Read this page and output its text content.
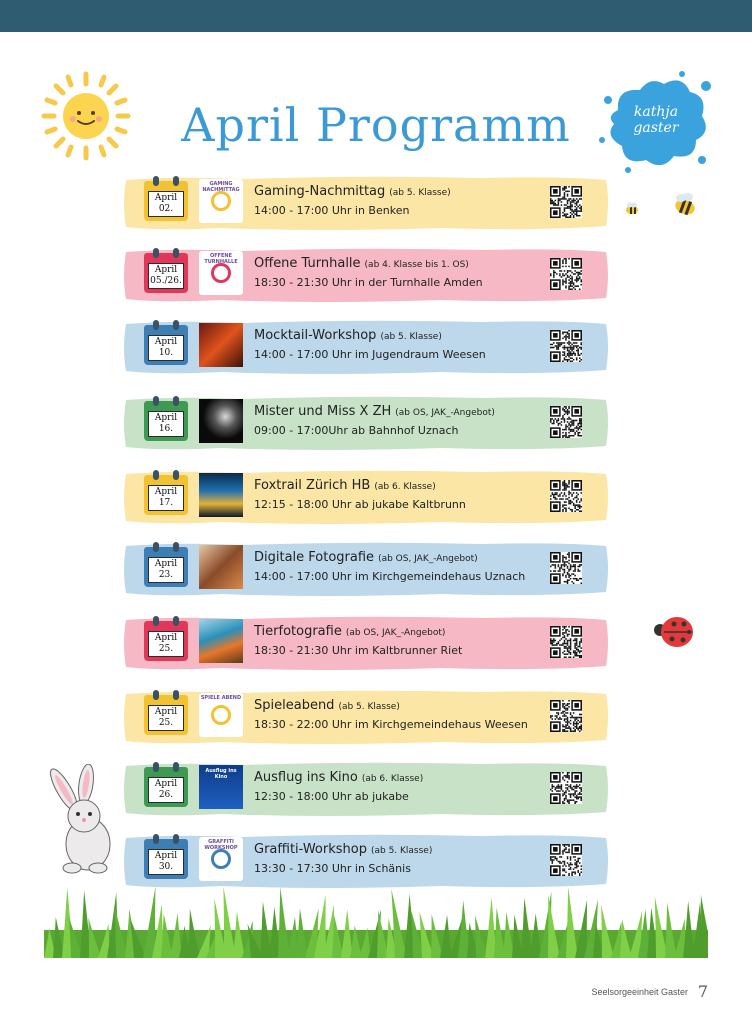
April Programm	kathja gaster
April
02.
GAMING NACHMITTAG Gaming-Nachmittag (ab 5. Klasse)
14:00 - 17:00 Uhr in Benken
April
05./26.
OFFENE TURNHALLE	Offene Turnhalle (ab 4. Klasse bis 1. OS)
18:30 - 21:30 Uhr in der Turnhalle Amden
April
10.
Mocktail-Workshop (ab 5. Klasse)
14:00 - 17:00 Uhr im Jugendraum Weesen
April
16.
Mister und Miss X ZH (ab OS, JAK_-Angebot)
09:00 - 17:00Uhr ab Bahnhof Uznach
April
17.
Foxtrail Zürich HB (ab 6. Klasse)
12:15 - 18:00 Uhr ab jukabe Kaltbrunn
April
23.
Digitale Fotografie (ab OS, JAK_-Angebot)
14:00 - 17:00 Uhr im Kirchgemeindehaus Uznach
April
25.
Tierfotografie (ab OS, JAK_-Angebot)
18:30 - 21:30 Uhr im Kaltbrunner Riet
April
25.
SPIELE ABEND Spieleabend (ab 5. Klasse)
18:30 - 22:00 Uhr im Kirchgemeindehaus Weesen
April
26.
Ausflug ins Kino	Ausflug ins Kino (ab 6. Klasse)
12:30 - 18:00 Uhr ab jukabe
April
30.
GRAFFITI WORKSHOP	Graffiti-Workshop (ab 5. Klasse)
13:30 - 17:30 Uhr in Schänis
Seelsorgeeinheit Gaster 7
